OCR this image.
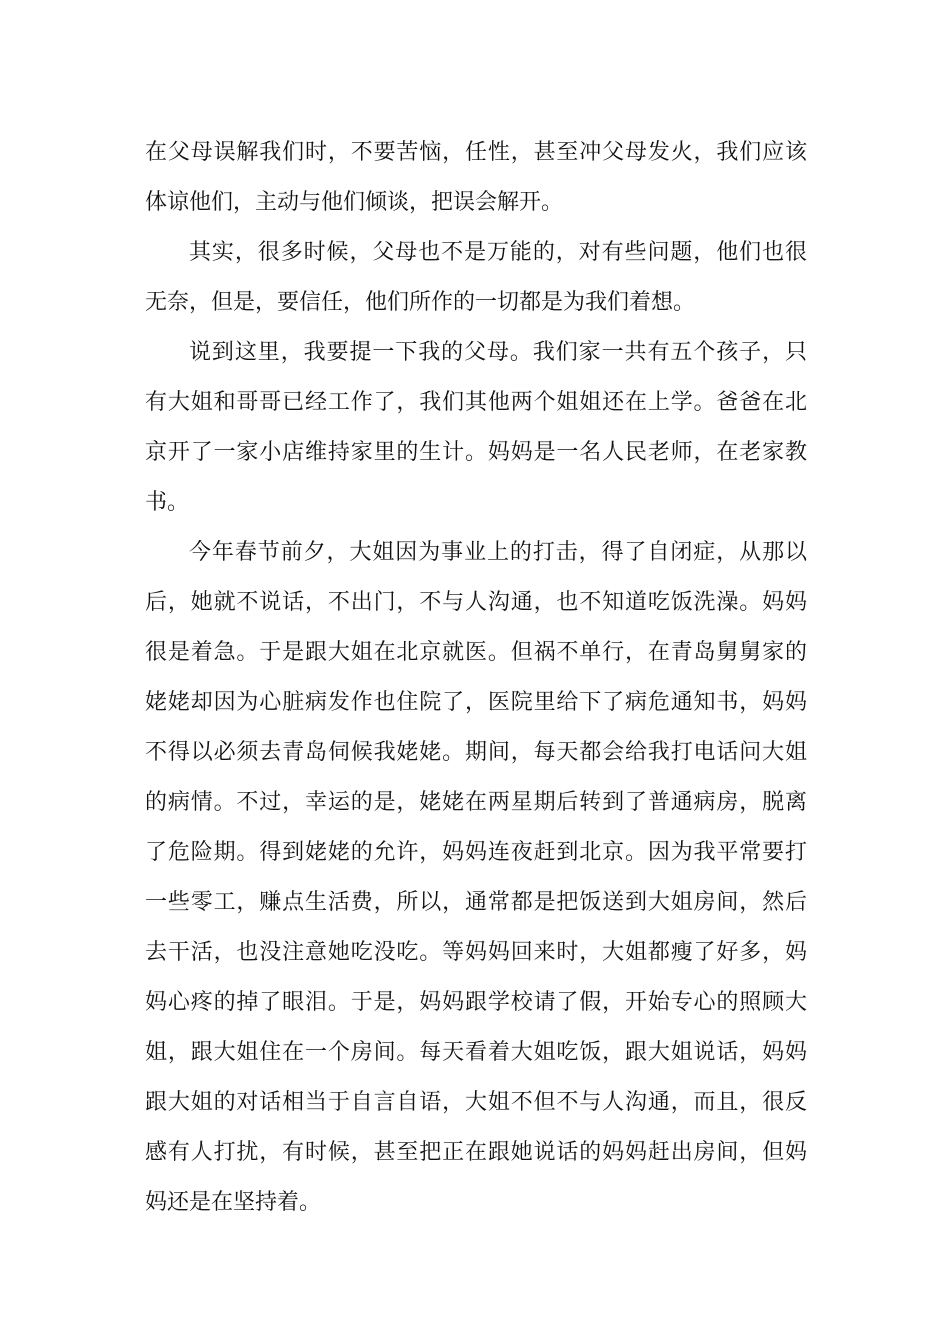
在父母误解我们时，不要苦恼，任性，甚至冲父母发火，我们应该
体谅他们，主动与他们倾谈，把误会解开。

其实，很多时候，父母也不是万能的，对有些问题，他们也很
无奈，但是，要信任，他们所作的一切都是为我们着想。

说到这里，我要提一下我的父母。我们家一共有五个孩子，只
有大姐和哥哥已经工作了，我们其他两个姐姐还在上学。爸爸在北
京开了一家小店维持家里的生计。妈妈是一名人民老师，在老家教
书。

今年春节前夕，大姐因为事业上的打击，得了自闭症，从那以
后，她就不说话，不出门，不与人沟通，也不知道吃饭洗澡。妈妈
很是着急。于是跟大姐在北京就医。但祸不单行，在青岛舅舅家的
姥姥却因为心脏病发作也住院了，医院里给下了病危通知书，妈妈
不得以必须去青岛伺候我姥姥。期间，每天都会给我打电话问大姐
的病情。不过，幸运的是，姥姥在两星期后转到了普通病房，脱离
了危险期。得到姥姥的允许，妈妈连夜赶到北京。因为我平常要打
一些零工，赚点生活费，所以，通常都是把饭送到大姐房间，然后
去干活，也没注意她吃没吃。等妈妈回来时，大姐都瘦了好多，妈
妈心疼的掉了眼泪。于是，妈妈跟学校请了假，开始专心的照顾大
姐，跟大姐住在一个房间。每天看着大姐吃饭，跟大姐说话，妈妈
跟大姐的对话相当于自言自语，大姐不但不与人沟通，而且，很反
感有人打扰，有时候，甚至把正在跟她说话的妈妈赶出房间，但妈
妈还是在坚持着。
